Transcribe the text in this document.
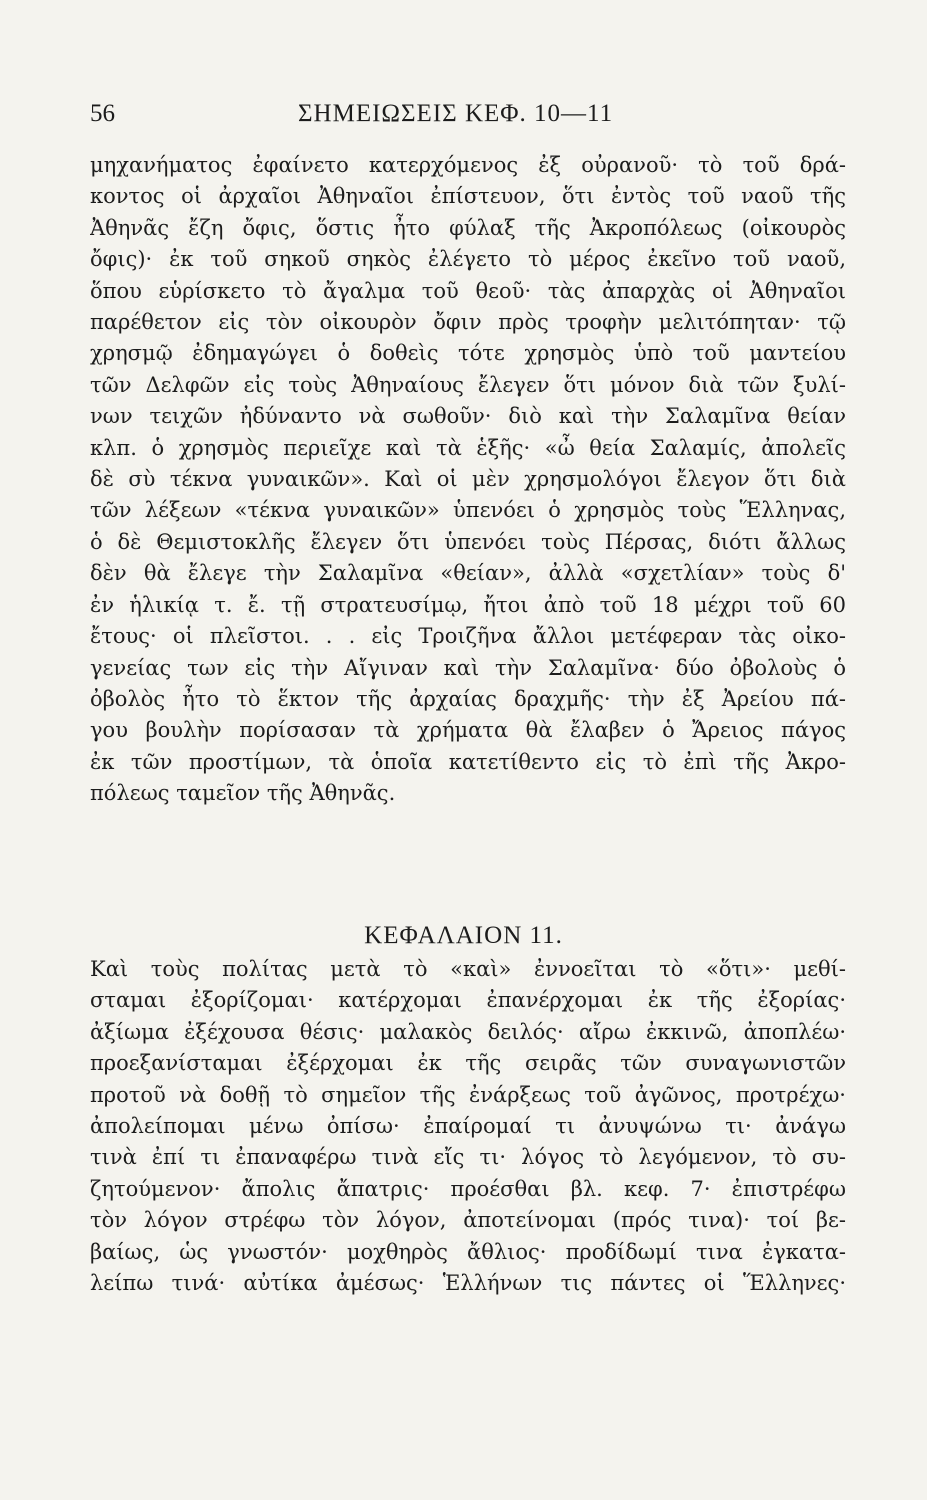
56	ΣΗΜΕΙΩΣΕΙΣ ΚΕΦ. 10—11
μηχανήματος ἐφαίνετο κατερχόμενος ἐξ οὐρανοῦ· τὸ τοῦ δρά-
κοντος οἱ ἀρχαῖοι Ἀθηναῖοι ἐπίστευον, ὅτι ἐντὸς τοῦ ναοῦ τῆς
Ἀθηνᾶς ἔζη ὄφις, ὅστις ἦτο φύλαξ τῆς Ἀκροπόλεως (οἰκουρὸς
ὄφις)· ἐκ τοῦ σηκοῦ σηκὸς ἐλέγετο τὸ μέρος ἐκεῖνο τοῦ ναοῦ,
ὅπου εὑρίσκετο τὸ ἄγαλμα τοῦ θεοῦ· τὰς ἀπαρχὰς οἱ Ἀθηναῖοι
παρέθετον εἰς τὸν οἰκουρὸν ὄφιν πρὸς τροφὴν μελιτόπηταν· τῷ
χρησμῷ ἐδημαγώγει ὁ δοθεὶς τότε χρησμὸς ὑπὸ τοῦ μαντείου
τῶν Δελφῶν εἰς τοὺς Ἀθηναίους ἔλεγεν ὅτι μόνον διὰ τῶν ξυλί-
νων τειχῶν ἠδύναντο νὰ σωθοῦν· διὸ καὶ τὴν Σαλαμῖνα θείαν
κλπ. ὁ χρησμὸς περιεῖχε καὶ τὰ ἑξῆς· «ὦ θεία Σαλαμίς, ἀπολεῖς
δὲ σὺ τέκνα γυναικῶν». Καὶ οἱ μὲν χρησμολόγοι ἔλεγον ὅτι διὰ
τῶν λέξεων «τέκνα γυναικῶν» ὑπενόει ὁ χρησμὸς τοὺς Ἕλληνας,
ὁ δὲ Θεμιστοκλῆς ἔλεγεν ὅτι ὑπενόει τοὺς Πέρσας, διότι ἄλλως
δὲν θὰ ἔλεγε τὴν Σαλαμῖνα «θείαν», ἀλλὰ «σχετλίαν» τοὺς δ'
ἐν ἡλικίᾳ τ. ἔ. τῇ στρατευσίμῳ, ἤτοι ἀπὸ τοῦ 18 μέχρι τοῦ 60
ἔτους· οἱ πλεῖστοι. . . εἰς Τροιζῆνα ἄλλοι μετέφεραν τὰς οἰκο-
γενείας των εἰς τὴν Αἴγιναν καὶ τὴν Σαλαμῖνα· δύο ὀβολοὺς ὁ
ὀβολὸς ἦτο τὸ ἕκτον τῆς ἀρχαίας δραχμῆς· τὴν ἐξ Ἀρείου πά-
γου βουλὴν πορίσασαν τὰ χρήματα θὰ ἔλαβεν ὁ Ἄρειος πάγος
ἐκ τῶν προστίμων, τὰ ὁποῖα κατετίθεντο εἰς τὸ ἐπὶ τῆς Ἀκρο-
πόλεως ταμεῖον τῆς Ἀθηνᾶς.
ΚΕΦΑΛΑΙΟΝ 11.
Καὶ τοὺς πολίτας μετὰ τὸ «καὶ» ἐννοεῖται τὸ «ὅτι»· μεθί-
σταμαι ἐξορίζομαι· κατέρχομαι ἐπανέρχομαι ἐκ τῆς ἐξορίας·
ἀξίωμα ἐξέχουσα θέσις· μαλακὸς δειλός· αἴρω ἐκκινῶ, ἀποπλέω·
προεξανίσταμαι ἐξέρχομαι ἐκ τῆς σειρᾶς τῶν συναγωνιστῶν
προτοῦ νὰ δοθῇ τὸ σημεῖον τῆς ἐνάρξεως τοῦ ἀγῶνος, προτρέχω·
ἀπολείπομαι μένω ὀπίσω· ἐπαίρομαί τι ἀνυψώνω τι· ἀνάγω
τινὰ ἐπί τι ἐπαναφέρω τινὰ εἴς τι· λόγος τὸ λεγόμενον, τὸ συ-
ζητούμενον· ἄπολις ἄπατρις· προέσθαι βλ. κεφ. 7· ἐπιστρέφω
τὸν λόγον στρέφω τὸν λόγον, ἀποτείνομαι (πρός τινα)· τοί βε-
βαίως, ὡς γνωστόν· μοχθηρὸς ἄθλιος· προδίδωμί τινα ἐγκατα-
λείπω τινά· αὐτίκα ἀμέσως· Ἑλλήνων τις πάντες οἱ Ἕλληνες·
